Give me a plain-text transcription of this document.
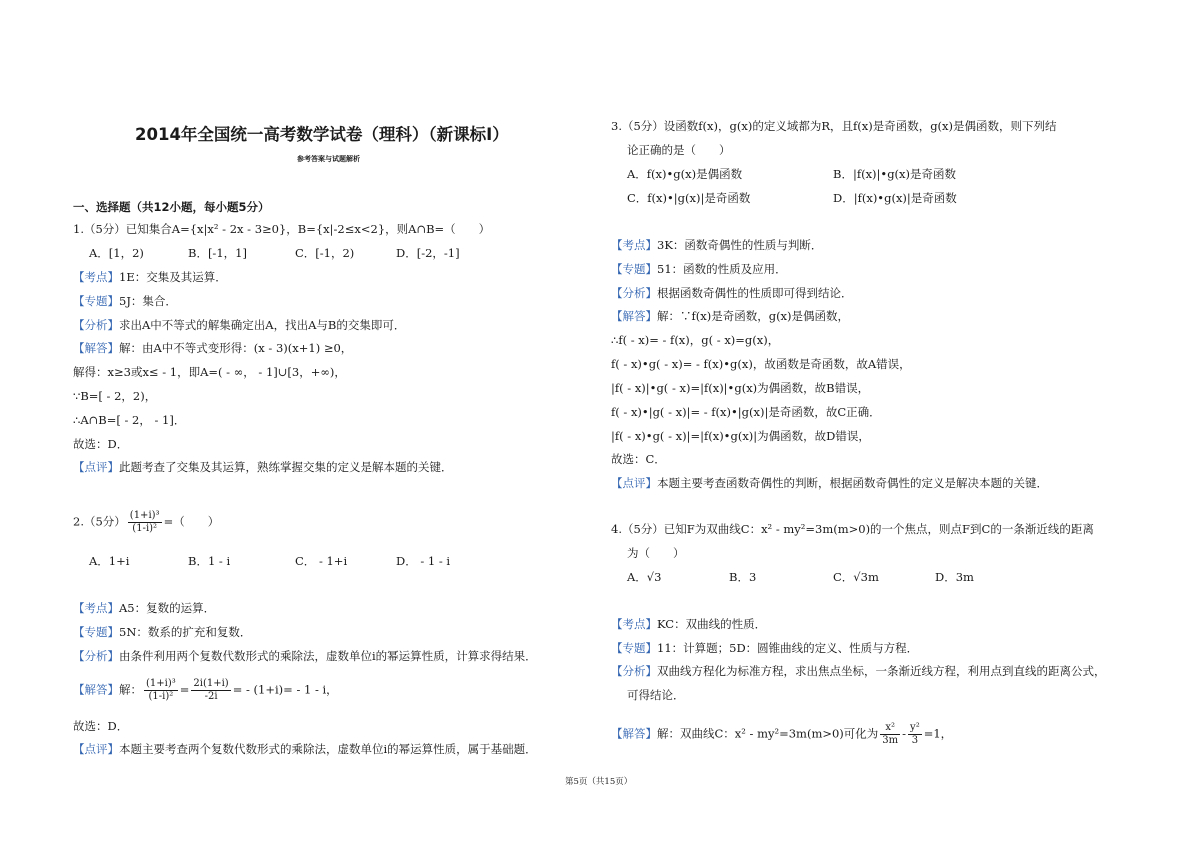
2014年全国统一高考数学试卷（理科）（新课标Ⅰ）
参考答案与试题解析
一、选择题（共12小题，每小题5分）
1.（5分）已知集合A={x|x² - 2x - 3≥0}，B={x|-2≤x<2}，则A∩B=（　　）
A．[1，2)	B．[-1，1]	C．[-1，2)	D．[-2，-1]
【考点】1E：交集及其运算．
【专题】5J：集合．
【分析】求出A中不等式的解集确定出A，找出A与B的交集即可．
【解答】解：由A中不等式变形得：(x - 3)(x+1) ≥0，
解得：x≥3或x≤ - 1，即A=( - ∞， - 1]∪[3，+∞)，
∵B=[ - 2，2)，
∴A∩B=[ - 2， - 1]．
故选：D．
【点评】此题考查了交集及其运算，熟练掌握交集的定义是解本题的关键．
2.（5分） $\frac{\text{(1+i)³}}{\text{(1-i)²}}$ =（　　）
A．1+i	B．1 - i	C． - 1+i	D． - 1 - i
【考点】A5：复数的运算．
【专题】5N：数系的扩充和复数．
【分析】由条件利用两个复数代数形式的乘除法，虚数单位i的幂运算性质，计算求得结果．
【解答】解： $\frac{\text{(1+i)³}}{\text{(1-i)²}} = \frac{2i(1+i)}{-2i}$ = - (1+i)= - 1 - i，
故选：D．
【点评】本题主要考查两个复数代数形式的乘除法，虚数单位i的幂运算性质，属于基础题．
3.（5分）设函数f(x)，g(x)的定义域都为R，且f(x)是奇函数，g(x)是偶函数，则下列结
论正确的是（　　）
A．f(x)•g(x)是偶函数	B．|f(x)|•g(x)是奇函数
C．f(x)•|g(x)|是奇函数	D．|f(x)•g(x)|是奇函数
【考点】3K：函数奇偶性的性质与判断．
【专题】51：函数的性质及应用．
【分析】根据函数奇偶性的性质即可得到结论．
【解答】解：∵f(x)是奇函数，g(x)是偶函数，
∴f( - x)= - f(x)，g( - x)=g(x)，
f( - x)•g( - x)= - f(x)•g(x)，故函数是奇函数，故A错误，
|f( - x)|•g( - x)=|f(x)|•g(x)为偶函数，故B错误，
f( - x)•|g( - x)|= - f(x)•|g(x)|是奇函数，故C正确．
|f( - x)•g( - x)|=|f(x)•g(x)|为偶函数，故D错误，
故选：C．
【点评】本题主要考查函数奇偶性的判断，根据函数奇偶性的定义是解决本题的关键．
4.（5分）已知F为双曲线C：x² - my²=3m(m>0)的一个焦点，则点F到C的一条渐近线的距离
为（　　）
A．√3	B．3	C．√3m	D．3m
【考点】KC：双曲线的性质．
【专题】11：计算题；5D：圆锥曲线的定义、性质与方程．
【分析】双曲线方程化为标准方程，求出焦点坐标，一条渐近线方程，利用点到直线的距离公式，
可得结论．
【解答】解：双曲线C：x² - my²=3m(m>0)可化为 $\frac{\text{x²}}{3m} - \frac{\text{y²}}{3} =1$，
第5页（共15页）
